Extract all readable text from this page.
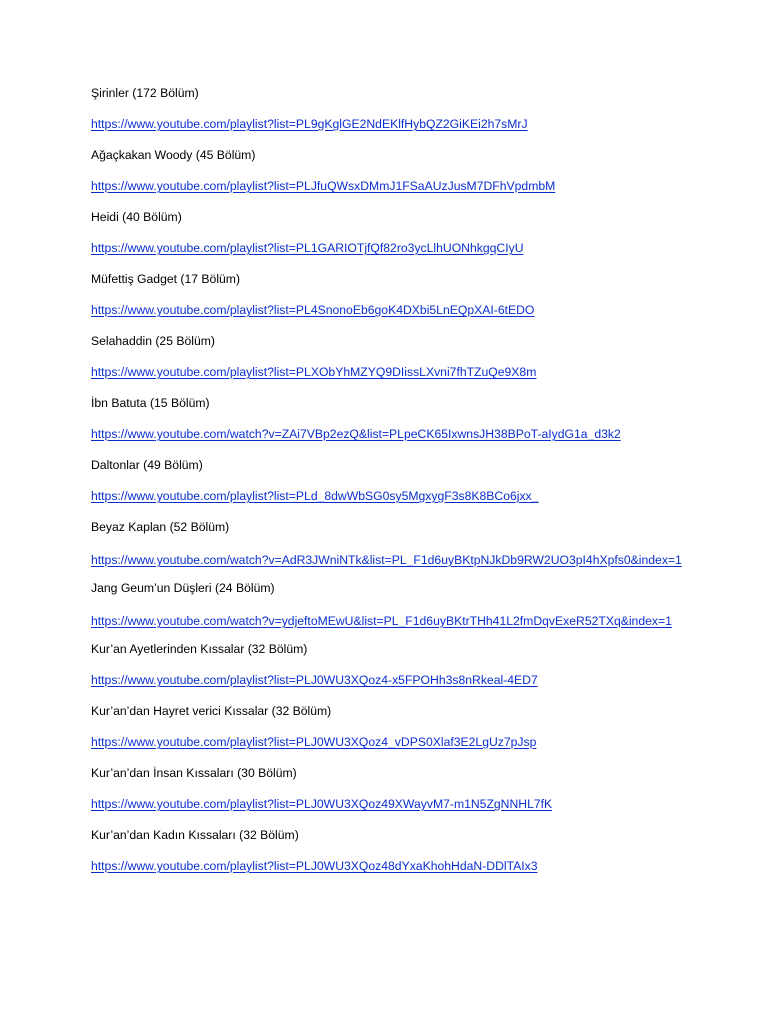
Şirinler (172 Bölüm)
https://www.youtube.com/playlist?list=PL9gKglGE2NdEKlfHybQZ2GiKEi2h7sMrJ
Ağaçkakan Woody (45 Bölüm)
https://www.youtube.com/playlist?list=PLJfuQWsxDMmJ1FSaAUzJusM7DFhVpdmbM
Heidi (40 Bölüm)
https://www.youtube.com/playlist?list=PL1GARIOTjfQf82ro3ycLlhUONhkgqCIyU
Müfettiş Gadget (17 Bölüm)
https://www.youtube.com/playlist?list=PL4SnonoEb6goK4DXbi5LnEQpXAI-6tEDO
Selahaddin (25 Bölüm)
https://www.youtube.com/playlist?list=PLXObYhMZYQ9DIissLXvni7fhTZuQe9X8m
İbn Batuta (15 Bölüm)
https://www.youtube.com/watch?v=ZAi7VBp2ezQ&list=PLpeCK65IxwnsJH38BPoT-aIydG1a_d3k2
Daltonlar (49 Bölüm)
https://www.youtube.com/playlist?list=PLd_8dwWbSG0sy5MgxygF3s8K8BCo6jxx_
Beyaz Kaplan (52 Bölüm)
https://www.youtube.com/watch?v=AdR3JWniNTk&list=PL_F1d6uyBKtpNJkDb9RW2UO3pI4hXpfs0&index=1
Jang Geum’un Düşleri (24 Bölüm)
https://www.youtube.com/watch?v=ydjeftoMEwU&list=PL_F1d6uyBKtrTHh41L2fmDqvExeR52TXq&index=1
Kur’an Ayetlerinden Kıssalar (32 Bölüm)
https://www.youtube.com/playlist?list=PLJ0WU3XQoz4-x5FPOHh3s8nRkeal-4ED7
Kur’an’dan Hayret verici Kıssalar (32 Bölüm)
https://www.youtube.com/playlist?list=PLJ0WU3XQoz4_vDPS0Xlaf3E2LgUz7pJsp
Kur’an’dan İnsan Kıssaları (30 Bölüm)
https://www.youtube.com/playlist?list=PLJ0WU3XQoz49XWayvM7-m1N5ZgNNHL7fK
Kur’an’dan Kadın Kıssaları (32 Bölüm)
https://www.youtube.com/playlist?list=PLJ0WU3XQoz48dYxaKhohHdaN-DDlTAIx3
